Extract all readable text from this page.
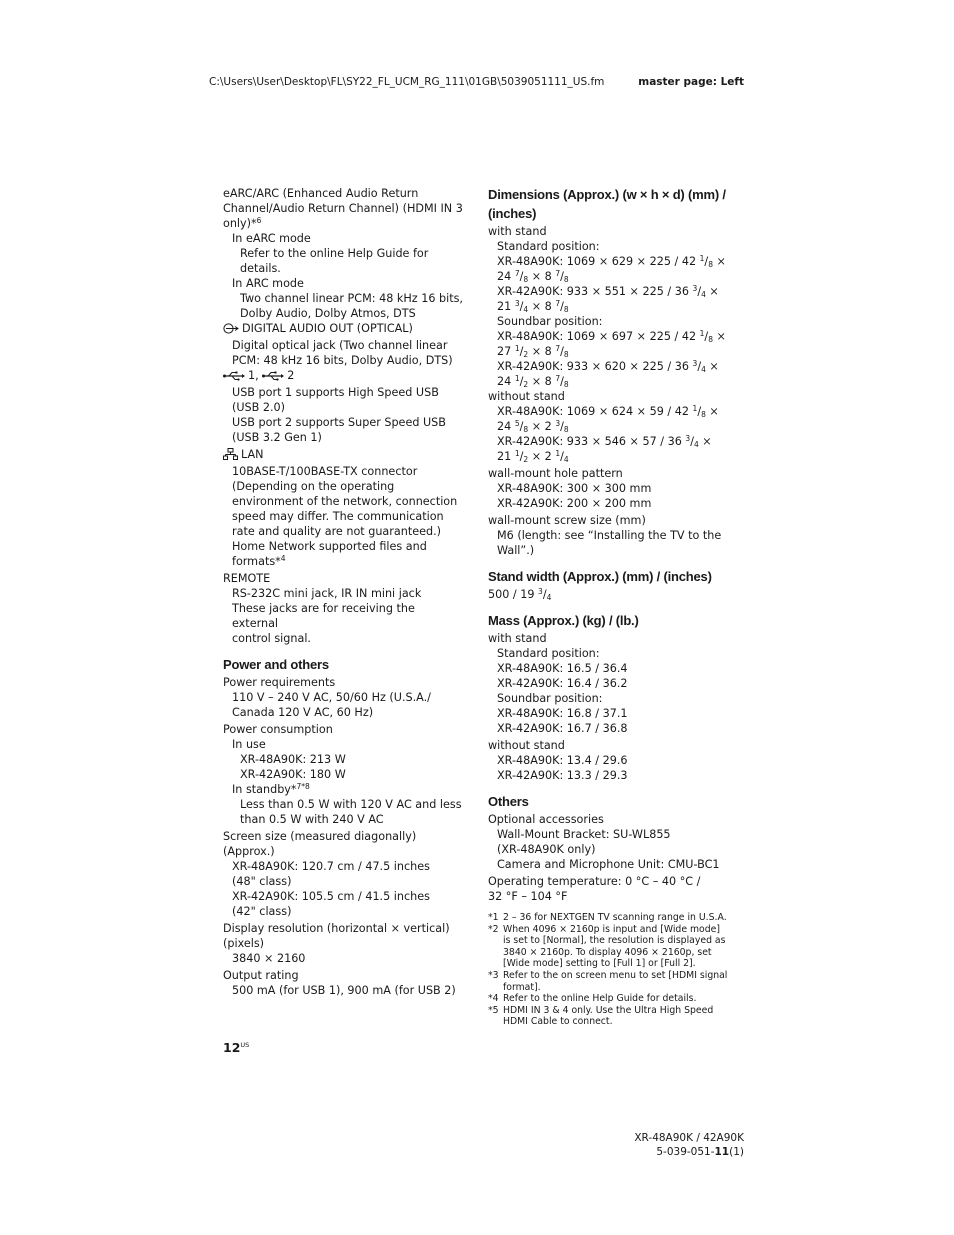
C:\Users\User\Desktop\FL\SY22_FL_UCM_RG_111\01GB\5039051111_US.fm	master page: Left

eARC/ARC (Enhanced Audio Return

Channel/Audio Return Channel) (HDMI IN 3

only)*$^6$

In eARC mode

Refer to the online Help Guide for

details.

In ARC mode

Two channel linear PCM: 48 kHz 16 bits,

Dolby Audio, Dolby Atmos, DTS

DIGITAL AUDIO OUT (OPTICAL)

Digital optical jack (Two channel linear

PCM: 48 kHz 16 bits, Dolby Audio, DTS)

1,	2

USB port 1 supports High Speed USB

(USB 2.0)

USB port 2 supports Super Speed USB

(USB 3.2 Gen 1)

LAN

10BASE-T/100BASE-TX connector

(Depending on the operating

environment of the network, connection

speed may differ. The communication

rate and quality are not guaranteed.)

Home Network supported files and

formats*$^4$

REMOTE

RS-232C mini jack, IR IN mini jack

These jacks are for receiving the external

control signal.

Power and others

Power requirements

110 V – 240 V AC, 50/60 Hz (U.S.A./

Canada 120 V AC, 60 Hz)

Power consumption

In use

XR-48A90K: 213 W

XR-42A90K: 180 W

In standby*$^{7*8}$

Less than 0.5 W with 120 V AC and less

than 0.5 W with 240 V AC

Screen size (measured diagonally) (Approx.)

XR-48A90K: 120.7 cm / 47.5 inches

(48" class)

XR-42A90K: 105.5 cm / 41.5 inches

(42" class)

Display resolution (horizontal × vertical)

(pixels)

3840 × 2160

Output rating

500 mA (for USB 1), 900 mA (for USB 2)

Dimensions (Approx.) (w × h × d) (mm) /

(inches)

with stand

Standard position:

XR-48A90K: 1069 × 629 × 225 / 42 $^1/_8$ ×

24 $^7/_8 \times 8$ $^7/_8$

XR-42A90K: 933 × 551 × 225 / 36 $^3/_4$ ×

21 $^3/_4 \times 8$ $^7/_8$

Soundbar position:

XR-48A90K: 1069 × 697 × 225 / 42 $^1/_8$ ×

27 $^1/_2 \times 8$ $^7/_8$

XR-42A90K: 933 × 620 × 225 / 36 $^3/_4$ ×

24 $^1/_2 \times 8$ $^7/_8$

without stand

XR-48A90K: 1069 × 624 × 59 / 42 $^1/_8$ ×

24 $^5/_8 \times 2$ $^3/_8$

XR-42A90K: 933 × 546 × 57 / 36 $^3/_4$ ×

21 $^1/_2 \times 2$ $^1/_4$

wall-mount hole pattern

XR-48A90K: 300 × 300 mm

XR-42A90K: 200 × 200 mm

wall-mount screw size (mm)

M6 (length: see “Installing the TV to the

Wall”.)

Stand width (Approx.) (mm) / (inches)

500 / 19 $^3/_4$

Mass (Approx.) (kg) / (lb.)

with stand

Standard position:

XR-48A90K: 16.5 / 36.4

XR-42A90K: 16.4 / 36.2

Soundbar position:

XR-48A90K: 16.8 / 37.1

XR-42A90K: 16.7 / 36.8

without stand

XR-48A90K: 13.4 / 29.6

XR-42A90K: 13.3 / 29.3

Others

Optional accessories

Wall-Mount Bracket: SU-WL855

(XR-48A90K only)

Camera and Microphone Unit: CMU-BC1

Operating temperature: 0 °C – 40 °C /

32 °F – 104 °F

*1 2 – 36 for NEXTGEN TV scanning range in U.S.A.
*2 When 4096 × 2160p is input and [Wide mode] is set to [Normal], the resolution is displayed as 3840 × 2160p. To display 4096 × 2160p, set [Wide mode] setting to [Full 1] or [Full 2].
*3 Refer to the on screen menu to set [HDMI signal format].
*4 Refer to the online Help Guide for details.
*5 HDMI IN 3 & 4 only. Use the Ultra High Speed HDMI Cable to connect.
$12^{US}$
XR-48A90K / 42A90K
5-039-051-11(1)
